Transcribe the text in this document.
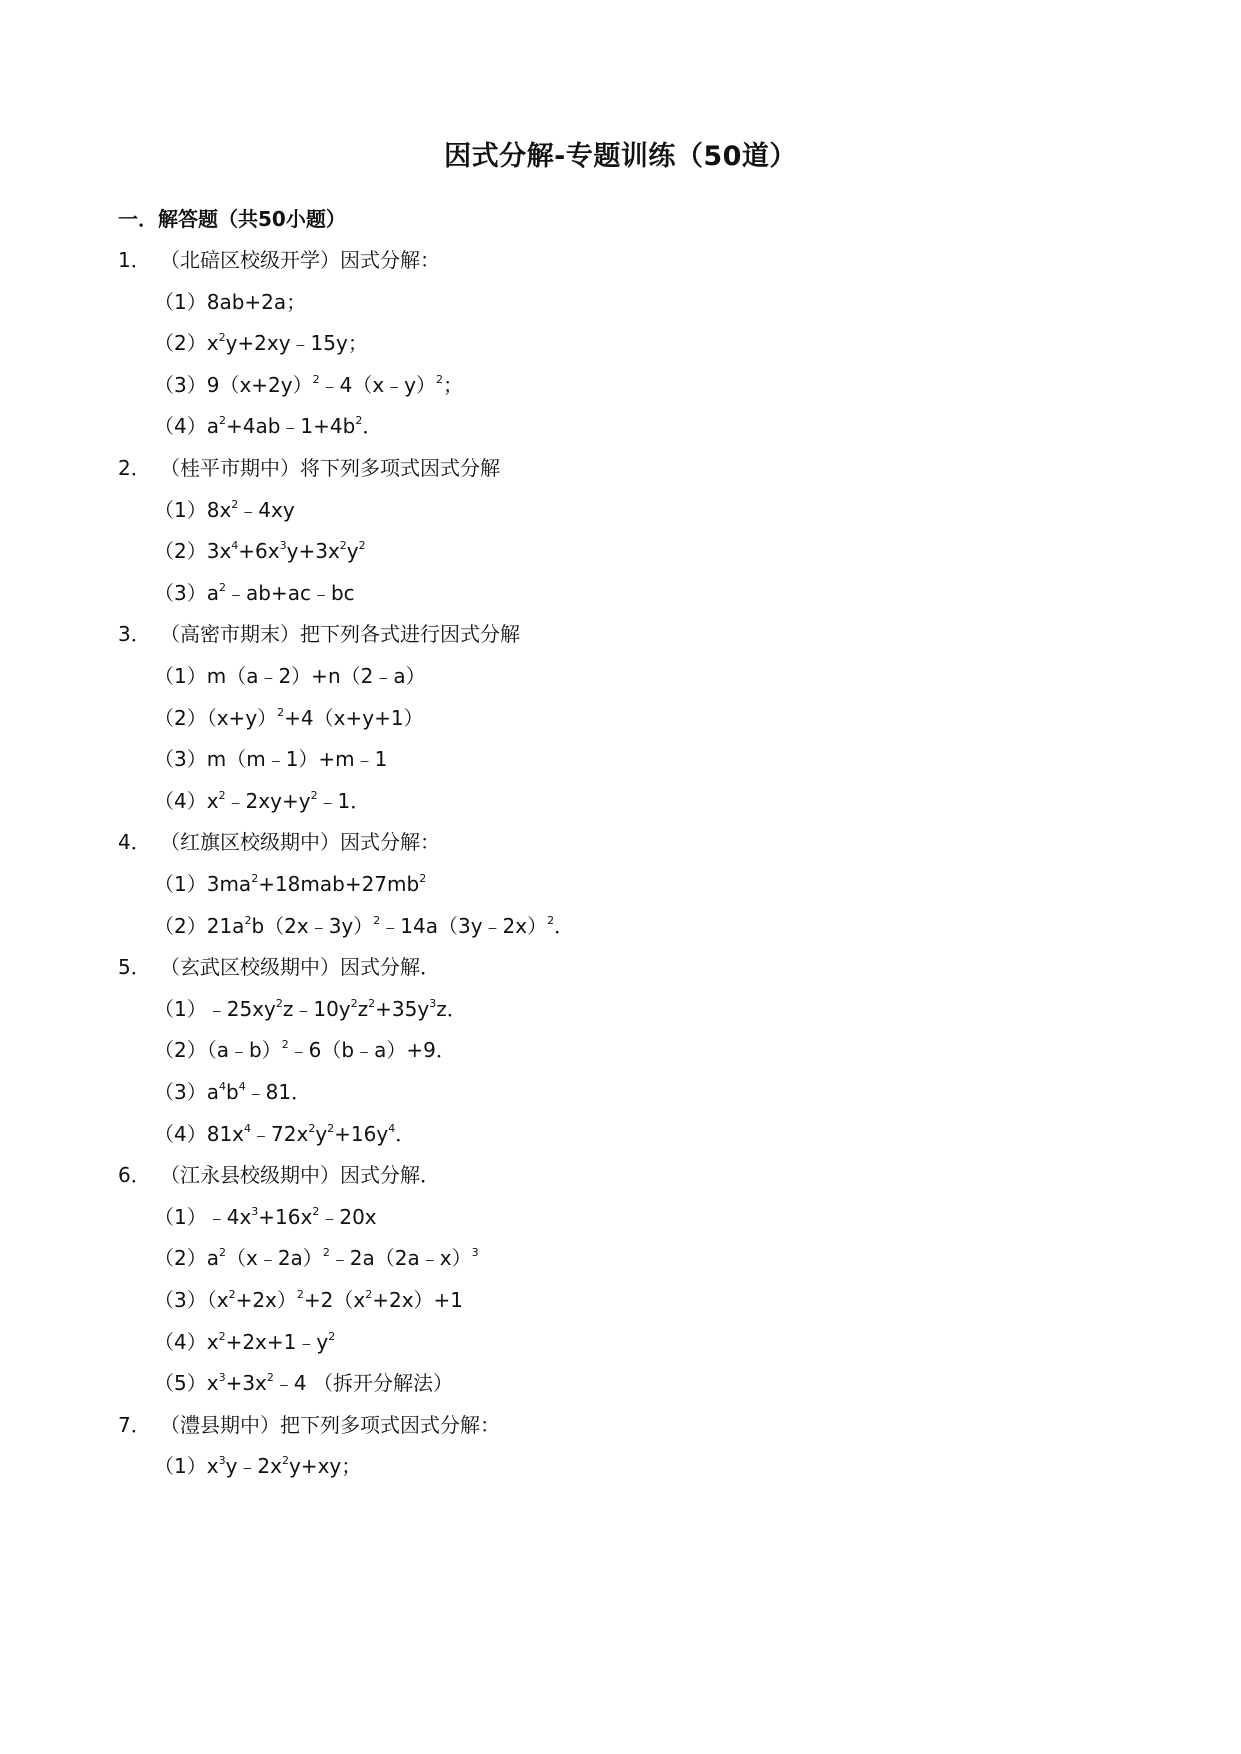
因式分解-专题训练（50道）
一．解答题（共50小题）
1． （北碚区校级开学）因式分解：
（1）8ab+2a；
$(2)x^2y+2xy﹣15y$；
$(3)9(x+2y)^2﹣4(x﹣y)^2$；
$(4)a^2+4ab﹣1+4b^2$．
2． （桂平市期中）将下列多项式因式分解
$(1)8x^2﹣4xy$
$(2)3x^4+6x^3y+3x^2y^2$
$(3)a^2﹣ab+ac﹣bc$
3． （高密市期末）把下列各式进行因式分解
（1）m（a﹣2）+n（2﹣a）
$(2)(x+y)^2+4(x+y+1)$
（3）m（m﹣1）+m﹣1
$(4)x^2﹣2xy+y^2﹣1$．
4． （红旗区校级期中）因式分解：
$(1)3ma^2+18mab+27mb^2$
$(2)21a^2b(2x﹣3y)^2﹣14a(3y﹣2x)^2$．
5． （玄武区校级期中）因式分解．
$(1)﹣25xy^2z﹣10y^2z^2+35y^3z$．
（2）（a﹣b）$^2$﹣6（b﹣a）+9．
$(3)a^4b^4﹣81$．
$(4)81x^4﹣72x^2y^2+16y^4$．
6． （江永县校级期中）因式分解．
$(1)﹣4x^3+16x^2﹣20x$
$(2)a^2(x﹣2a)^2﹣2a(2a﹣x)^3$
$(3)(x^2+2x)^2+2(x^2+2x)+1$
$(4)x^2+2x+1﹣y^2$
$(5)x^3+3x^2﹣4$ （拆开分解法）
7． （澧县期中）把下列多项式因式分解：
$(1)x^3y﹣2x^2y+xy$；
